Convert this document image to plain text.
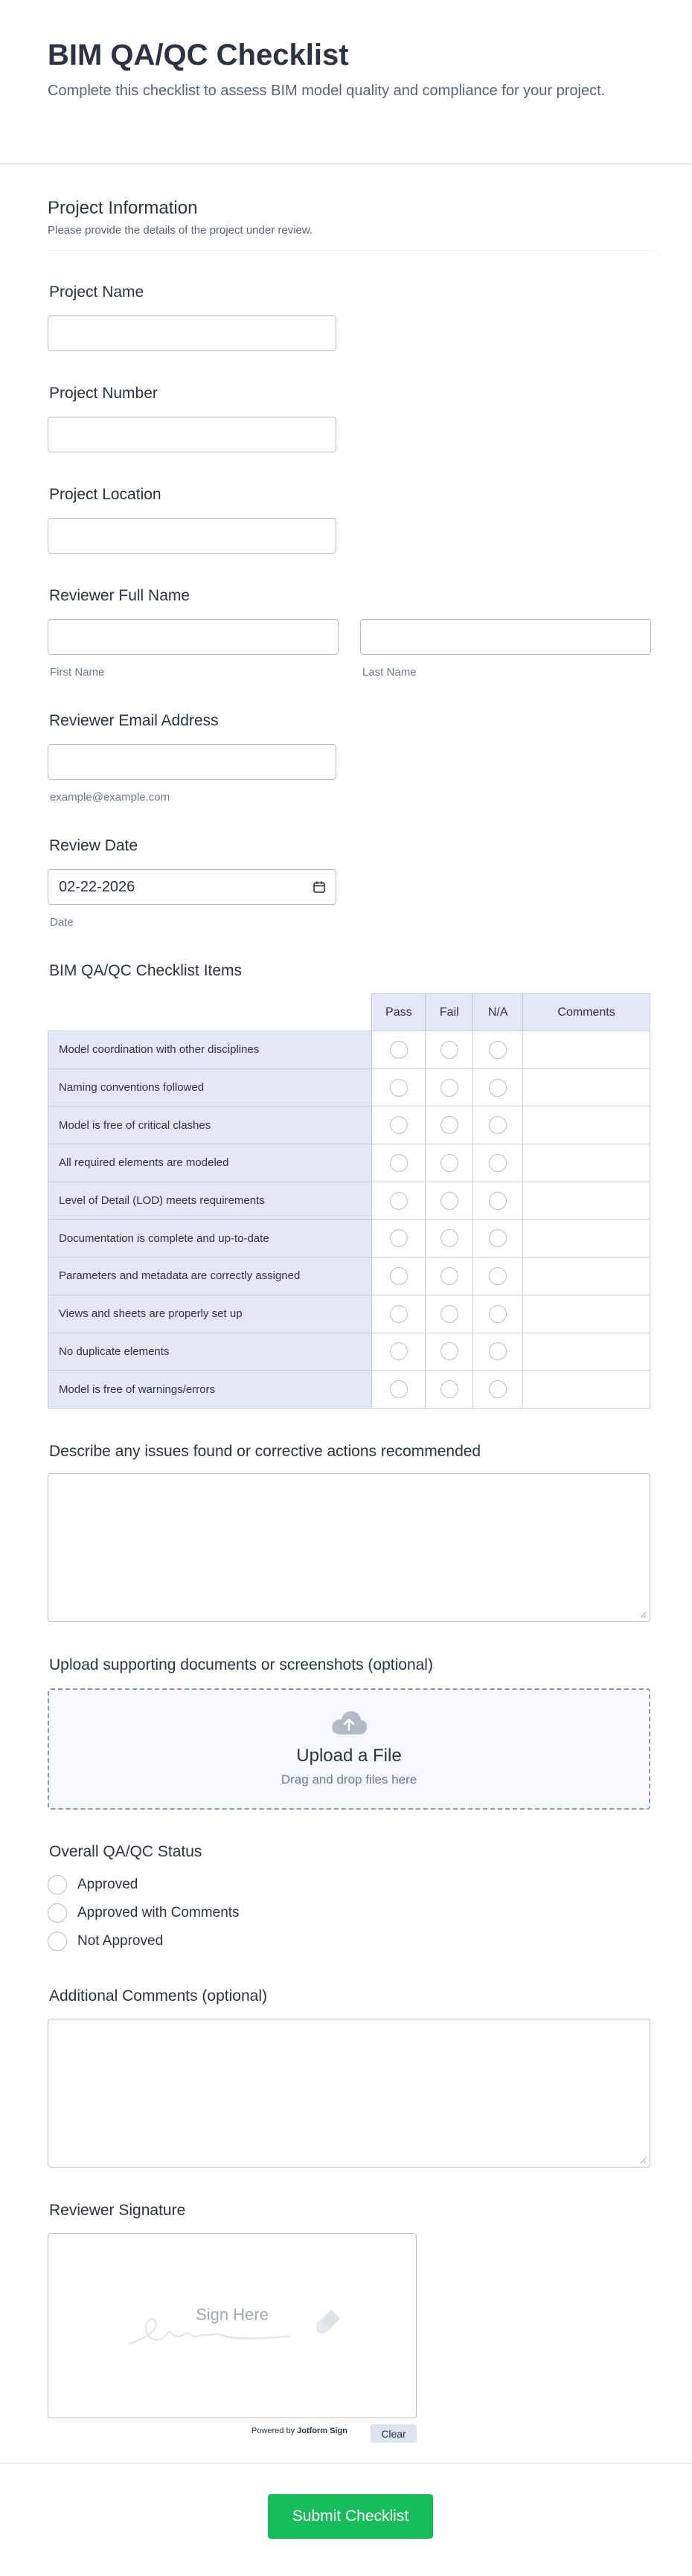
BIM QA/QC Checklist
Complete this checklist to assess BIM model quality and compliance for your project.
Project Information
Please provide the details of the project under review.
Project Name
Project Number
Project Location
Reviewer Full Name
First Name	Last Name
Reviewer Email Address
example@example.com
Review Date
02-22-2026
Date
BIM QA/QC Checklist Items
	Pass	Fail	N/A	Comments
Model coordination with other disciplines				
Naming conventions followed				
Model is free of critical clashes				
All required elements are modeled				
Level of Detail (LOD) meets requirements				
Documentation is complete and up-to-date				
Parameters and metadata are correctly assigned				
Views and sheets are properly set up				
No duplicate elements				
Model is free of warnings/errors				
Describe any issues found or corrective actions recommended
Upload supporting documents or screenshots (optional)
Upload a File
Drag and drop files here
Overall QA/QC Status
Approved
Approved with Comments
Not Approved
Additional Comments (optional)
Reviewer Signature
Sign Here
Powered by Jotform Sign	Clear
Submit Checklist
